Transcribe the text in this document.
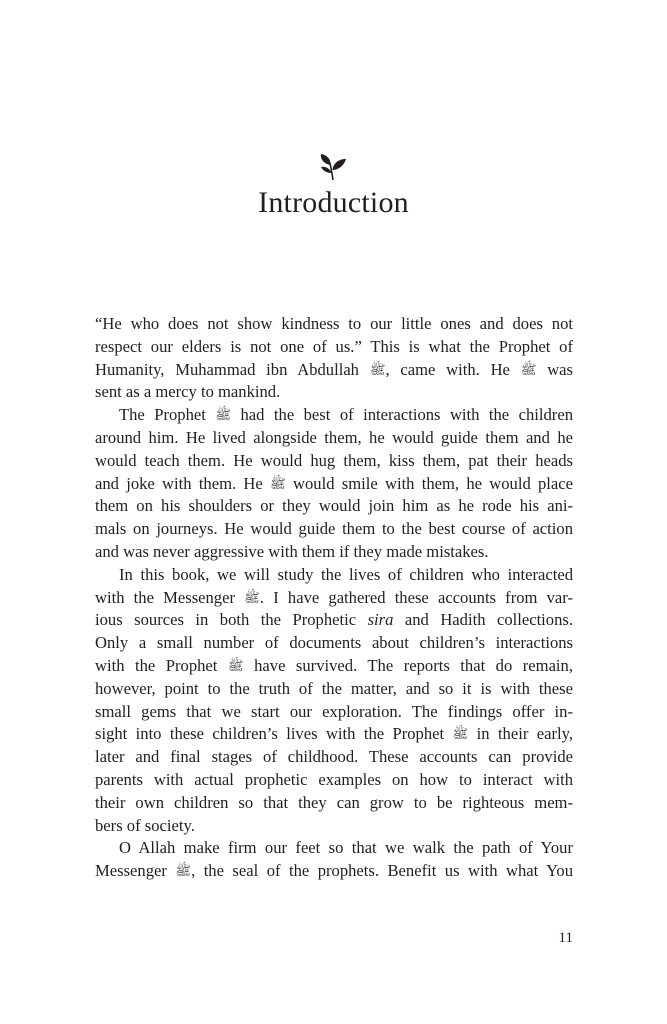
Introduction
“He who does not show kindness to our little ones and does not
respect our elders is not one of us.” This is what the Prophet of
Humanity, Muhammad ibn Abdullah ﷺ, came with. He ﷺ was
sent as a mercy to mankind.
The Prophet ﷺ had the best of interactions with the children
around him. He lived alongside them, he would guide them and he
would teach them. He would hug them, kiss them, pat their heads
and joke with them. He ﷺ would smile with them, he would place
them on his shoulders or they would join him as he rode his ani-
mals on journeys. He would guide them to the best course of action
and was never aggressive with them if they made mistakes.
In this book, we will study the lives of children who interacted
with the Messenger ﷺ. I have gathered these accounts from var-
ious sources in both the Prophetic sira and Hadith collections.
Only a small number of documents about children’s interactions
with the Prophet ﷺ have survived. The reports that do remain,
however, point to the truth of the matter, and so it is with these
small gems that we start our exploration. The findings offer in-
sight into these children’s lives with the Prophet ﷺ in their early,
later and final stages of childhood. These accounts can provide
parents with actual prophetic examples on how to interact with
their own children so that they can grow to be righteous mem-
bers of society.
O Allah make firm our feet so that we walk the path of Your
Messenger ﷺ, the seal of the prophets. Benefit us with what You
11
